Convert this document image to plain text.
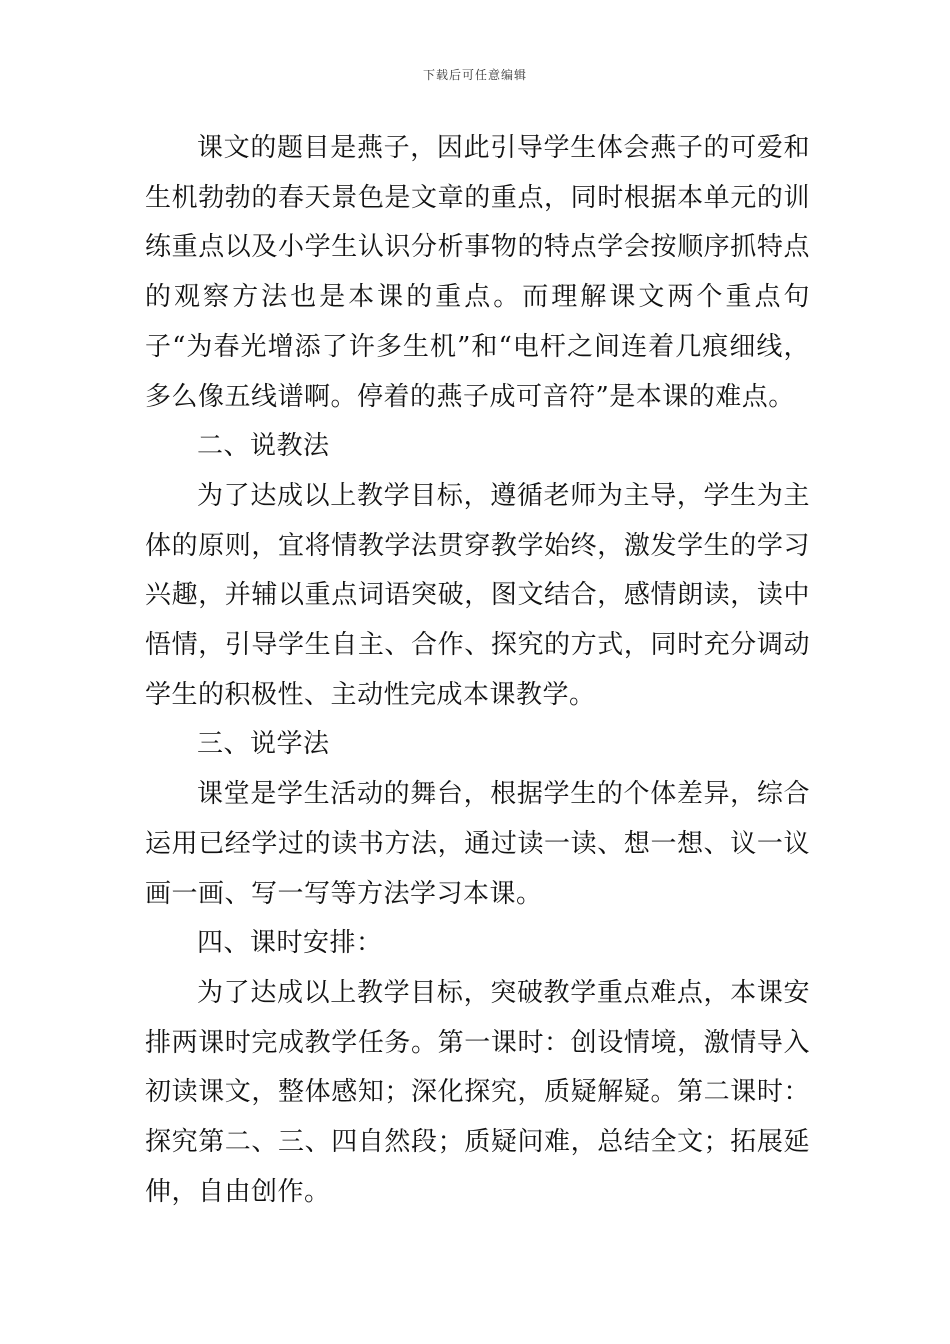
下载后可任意编辑

课文的题目是燕子，因此引导学生体会燕子的可爱和生机勃勃的春天景色是文章的重点，同时根据本单元的训练重点以及小学生认识分析事物的特点学会按顺序抓特点的观察方法也是本课的重点。而理解课文两个重点句子“为春光增添了许多生机”和“电杆之间连着几痕细线，多么像五线谱啊。停着的燕子成可音符”是本课的难点。

二、说教法

为了达成以上教学目标，遵循老师为主导，学生为主体的原则，宜将情教学法贯穿教学始终，激发学生的学习兴趣，并辅以重点词语突破，图文结合，感情朗读，读中悟情，引导学生自主、合作、探究的方式，同时充分调动学生的积极性、主动性完成本课教学。

三、说学法

课堂是学生活动的舞台，根据学生的个体差异，综合运用已经学过的读书方法，通过读一读、想一想、议一议画一画、写一写等方法学习本课。

四、课时安排：

为了达成以上教学目标，突破教学重点难点，本课安排两课时完成教学任务。第一课时：创设情境，激情导入初读课文，整体感知；深化探究，质疑解疑。第二课时：探究第二、三、四自然段；质疑问难，总结全文；拓展延伸，自由创作。
